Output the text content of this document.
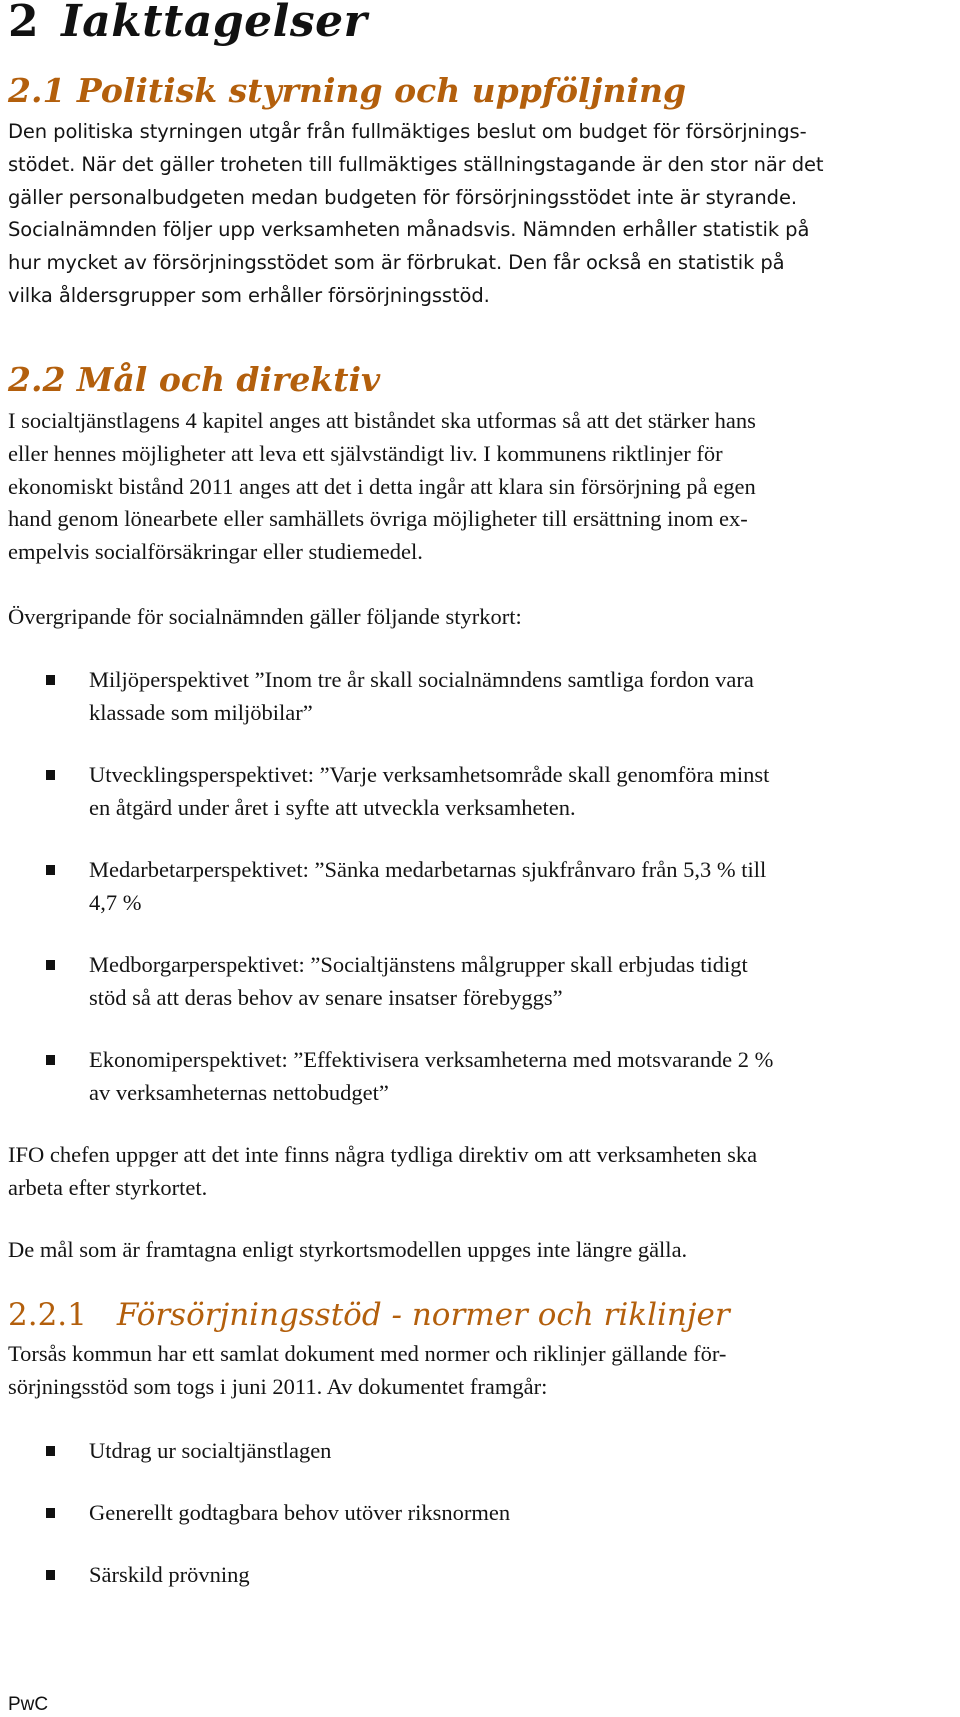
2 Iakttagelser
2.1 Politisk styrning och uppföljning

Den politiska styrningen utgår från fullmäktiges beslut om budget för försörjnings-
stödet. När det gäller troheten till fullmäktiges ställningstagande är den stor när det
gäller personalbudgeten medan budgeten för försörjningsstödet inte är styrande.
Socialnämnden följer upp verksamheten månadsvis. Nämnden erhåller statistik på
hur mycket av försörjningsstödet som är förbrukat. Den får också en statistik på
vilka åldersgrupper som erhåller försörjningsstöd.

2.2 Mål och direktiv

I socialtjänstlagens 4 kapitel anges att biståndet ska utformas så att det stärker hans
eller hennes möjligheter att leva ett självständigt liv. I kommunens riktlinjer för
ekonomiskt bistånd 2011 anges att det i detta ingår att klara sin försörjning på egen
hand genom lönearbete eller samhällets övriga möjligheter till ersättning inom ex-
empelvis socialförsäkringar eller studiemedel.

Övergripande för socialnämnden gäller följande styrkort:

Miljöperspektivet ”Inom tre år skall socialnämndens samtliga fordon vara
klassade som miljöbilar”
Utvecklingsperspektivet: ”Varje verksamhetsområde skall genomföra minst
en åtgärd under året i syfte att utveckla verksamheten.
Medarbetarperspektivet: ”Sänka medarbetarnas sjukfrånvaro från 5,3 % till
4,7 %
Medborgarperspektivet: ”Socialtjänstens målgrupper skall erbjudas tidigt
stöd så att deras behov av senare insatser förebyggs”
Ekonomiperspektivet: ”Effektivisera verksamheterna med motsvarande 2 %
av verksamheternas nettobudget”

IFO chefen uppger att det inte finns några tydliga direktiv om att verksamheten ska
arbeta efter styrkortet.

De mål som är framtagna enligt styrkortsmodellen uppges inte längre gälla.

2.2.1 Försörjningsstöd - normer och riklinjer

Torsås kommun har ett samlat dokument med normer och riklinjer gällande för-
sörjningsstöd som togs i juni 2011. Av dokumentet framgår:

Utdrag ur socialtjänstlagen
Generellt godtagbara behov utöver riksnormen
Särskild prövning
PwC
